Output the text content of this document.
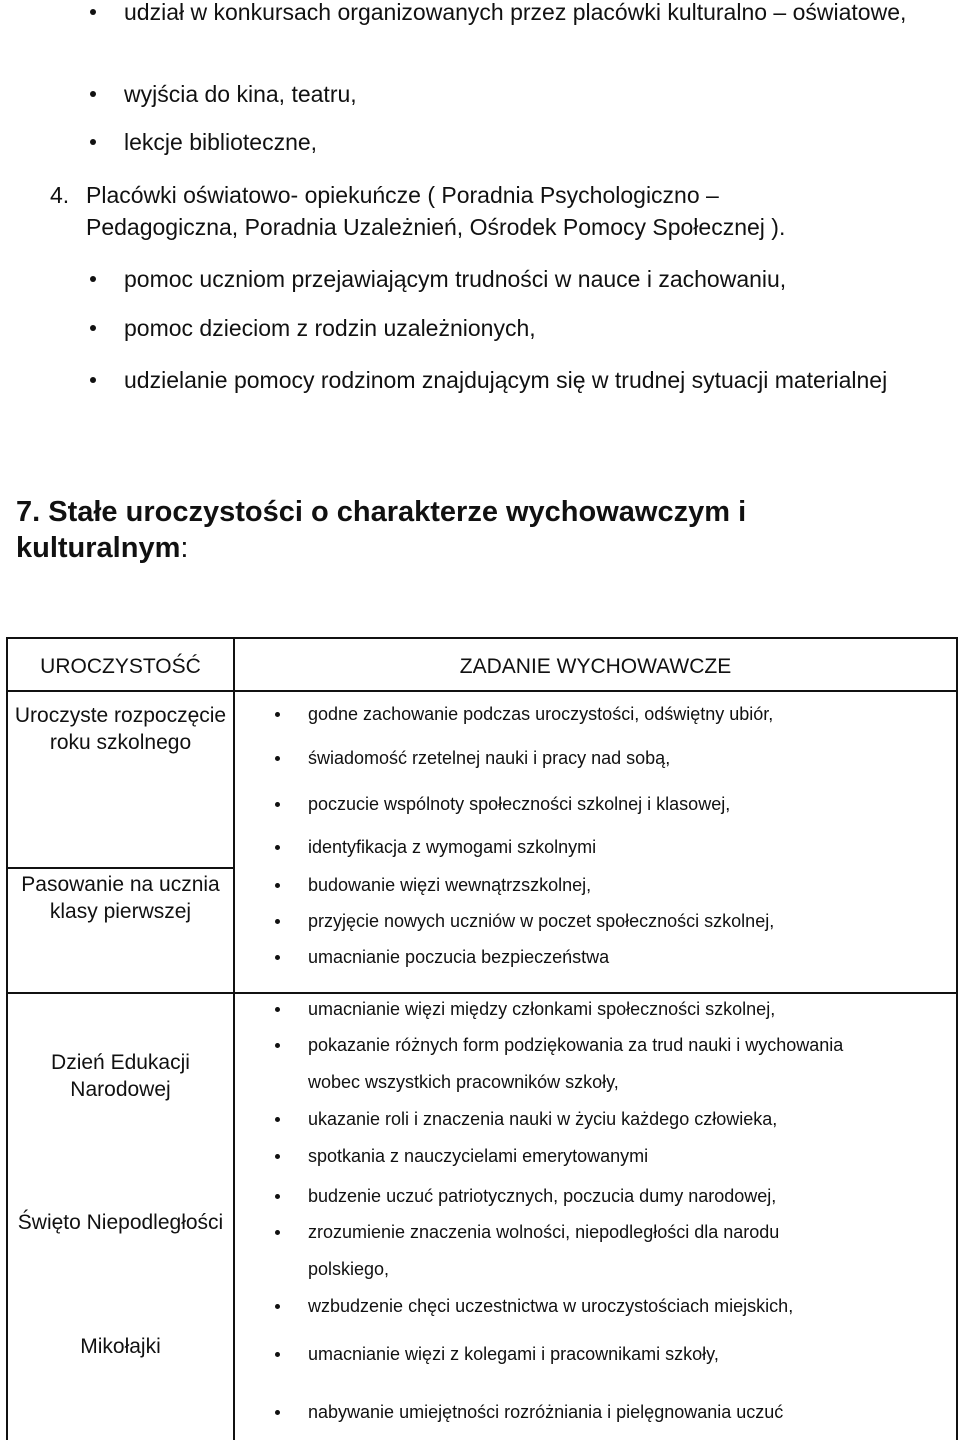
udział w konkursach organizowanych przez placówki kulturalno – oświatowe,
wyjścia do kina, teatru,
lekcje biblioteczne,
4. Placówki oświatowo- opiekuńcze ( Poradnia Psychologiczno – Pedagogiczna, Poradnia Uzależnień, Ośrodek Pomocy Społecznej ).
pomoc uczniom przejawiającym trudności w nauce i zachowaniu,
pomoc dzieciom z rodzin uzależnionych,
udzielanie pomocy rodzinom znajdującym się w trudnej sytuacji materialnej
7. Stałe uroczystości o charakterze wychowawczym i kulturalnym:
UROCZYSTOŚĆ	ZADANIE WYCHOWAWCZE
Uroczyste rozpoczęcie roku szkolnego
Pasowanie na ucznia klasy pierwszej
Dzień Edukacji Narodowej
Święto Niepodległości
Mikołajki
godne zachowanie podczas uroczystości, odświętny ubiór,
świadomość rzetelnej nauki i pracy nad sobą,
poczucie wspólnoty społeczności szkolnej i klasowej,
identyfikacja z wymogami szkolnymi
budowanie więzi wewnątrzszkolnej,
przyjęcie nowych uczniów w poczet społeczności szkolnej,
umacnianie poczucia bezpieczeństwa
umacnianie więzi między członkami społeczności szkolnej,
pokazanie różnych form podziękowania za trud nauki i wychowania
wobec wszystkich pracowników szkoły,
ukazanie roli i znaczenia nauki w życiu każdego człowieka,
spotkania z nauczycielami emerytowanymi
budzenie uczuć patriotycznych, poczucia dumy narodowej,
zrozumienie znaczenia wolności, niepodległości dla narodu
polskiego,
wzbudzenie chęci uczestnictwa w uroczystościach miejskich,
umacnianie więzi z kolegami i pracownikami szkoły,
nabywanie umiejętności rozróżniania i pielęgnowania uczuć
